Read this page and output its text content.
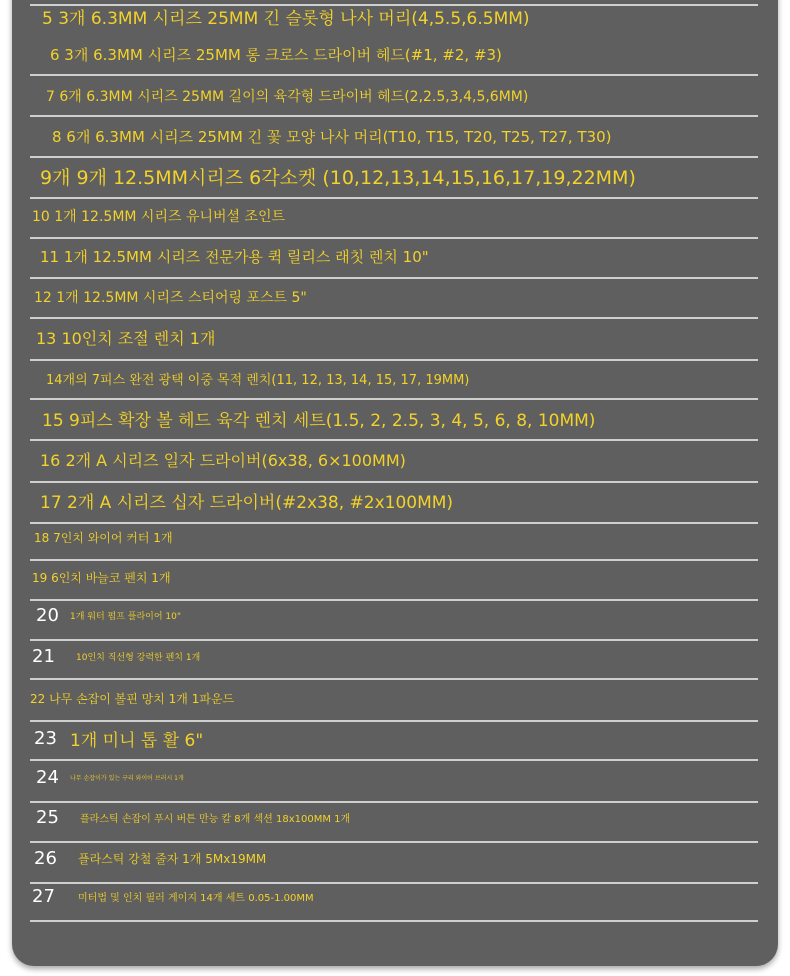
5 3개 6.3MM 시리즈 25MM 긴 슬롯형 나사 머리(4,5.5,6.5MM)
6 3개 6.3MM 시리즈 25MM 롱 크로스 드라이버 헤드(#1, #2, #3)
7 6개 6.3MM 시리즈 25MM 길이의 육각형 드라이버 헤드(2,2.5,3,4,5,6MM)
8 6개 6.3MM 시리즈 25MM 긴 꽃 모양 나사 머리(T10, T15, T20, T25, T27, T30)
9개 9개 12.5MM시리즈 6각소켓 (10,12,13,14,15,16,17,19,22MM)
10 1개 12.5MM 시리즈 유니버셜 조인트
11 1개 12.5MM 시리즈 전문가용 퀵 릴리스 래칫 렌치 10"
12 1개 12.5MM 시리즈 스티어링 포스트 5"
13 10인치 조절 렌치 1개
14개의 7피스 완전 광택 이중 목적 렌치(11, 12, 13, 14, 15, 17, 19MM)
15 9피스 확장 볼 헤드 육각 렌치 세트(1.5, 2, 2.5, 3, 4, 5, 6, 8, 10MM)
16 2개 A 시리즈 일자 드라이버(6x38, 6×100MM)
17 2개 A 시리즈 십자 드라이버(#2x38, #2x100MM)
18 7인치 와이어 커터 1개
19 6인치 바늘코 펜치 1개
20 1개 워터 펌프 플라이어 10"
21 10인치 직선형 강력한 펜치 1개
22 나무 손잡이 볼핀 망치 1개 1파운드
23 1개 미니 톱 활 6"
24 나무 손잡이가 있는 구리 와이어 브러시 1개
25 플라스틱 손잡이 푸시 버튼 만능 칼 8개 섹션 18x100MM 1개
26 플라스틱 강철 줄자 1개 5Mx19MM
27 미터법 및 인치 필러 게이지 14개 세트 0.05-1.00MM
